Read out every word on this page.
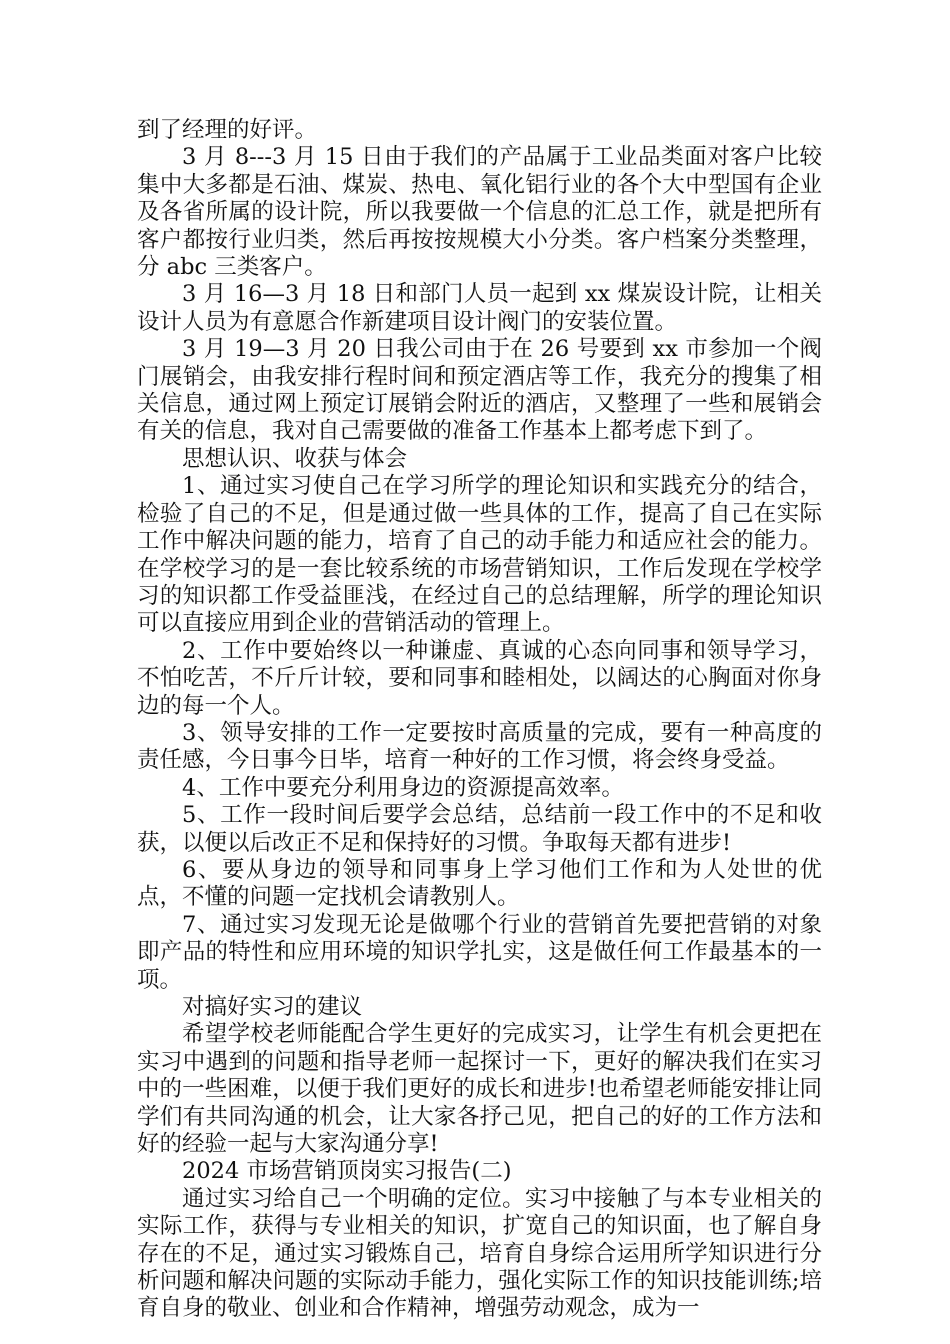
到了经理的好评。

3 月 8---3 月 15 日由于我们的产品属于工业品类面对客户比较集中大多都是石油、煤炭、热电、氧化铝行业的各个大中型国有企业及各省所属的设计院，所以我要做一个信息的汇总工作，就是把所有客户都按行业归类，然后再按按规模大小分类。客户档案分类整理，分 abc 三类客户。

3 月 16—3 月 18 日和部门人员一起到 xx 煤炭设计院，让相关设计人员为有意愿合作新建项目设计阀门的安装位置。

3 月 19—3 月 20 日我公司由于在 26 号要到 xx 市参加一个阀门展销会，由我安排行程时间和预定酒店等工作，我充分的搜集了相关信息，通过网上预定订展销会附近的酒店，又整理了一些和展销会有关的信息，我对自己需要做的准备工作基本上都考虑下到了。

思想认识、收获与体会

1、通过实习使自己在学习所学的理论知识和实践充分的结合，检验了自己的不足，但是通过做一些具体的工作，提高了自己在实际工作中解决问题的能力，培育了自己的动手能力和适应社会的能力。在学校学习的是一套比较系统的市场营销知识，工作后发现在学校学习的知识都工作受益匪浅，在经过自己的总结理解，所学的理论知识可以直接应用到企业的营销活动的管理上。

2、工作中要始终以一种谦虚、真诚的心态向同事和领导学习，不怕吃苦，不斤斤计较，要和同事和睦相处，以阔达的心胸面对你身边的每一个人。

3、领导安排的工作一定要按时高质量的完成，要有一种高度的责任感，今日事今日毕，培育一种好的工作习惯，将会终身受益。

4、工作中要充分利用身边的资源提高效率。

5、工作一段时间后要学会总结，总结前一段工作中的不足和收获，以便以后改正不足和保持好的习惯。争取每天都有进步!

6、要从身边的领导和同事身上学习他们工作和为人处世的优点，不懂的问题一定找机会请教别人。

7、通过实习发现无论是做哪个行业的营销首先要把营销的对象即产品的特性和应用环境的知识学扎实，这是做任何工作最基本的一项。

对搞好实习的建议

希望学校老师能配合学生更好的完成实习，让学生有机会更把在实习中遇到的问题和指导老师一起探讨一下，更好的解决我们在实习中的一些困难，以便于我们更好的成长和进步!也希望老师能安排让同学们有共同沟通的机会，让大家各抒己见，把自己的好的工作方法和好的经验一起与大家沟通分享!

2024 市场营销顶岗实习报告(二)

通过实习给自己一个明确的定位。实习中接触了与本专业相关的实际工作，获得与专业相关的知识，扩宽自己的知识面，也了解自身存在的不足，通过实习锻炼自己，培育自身综合运用所学知识进行分析问题和解决问题的实际动手能力，强化实际工作的知识技能训练;培育自身的敬业、创业和合作精神，增强劳动观念，成为一
